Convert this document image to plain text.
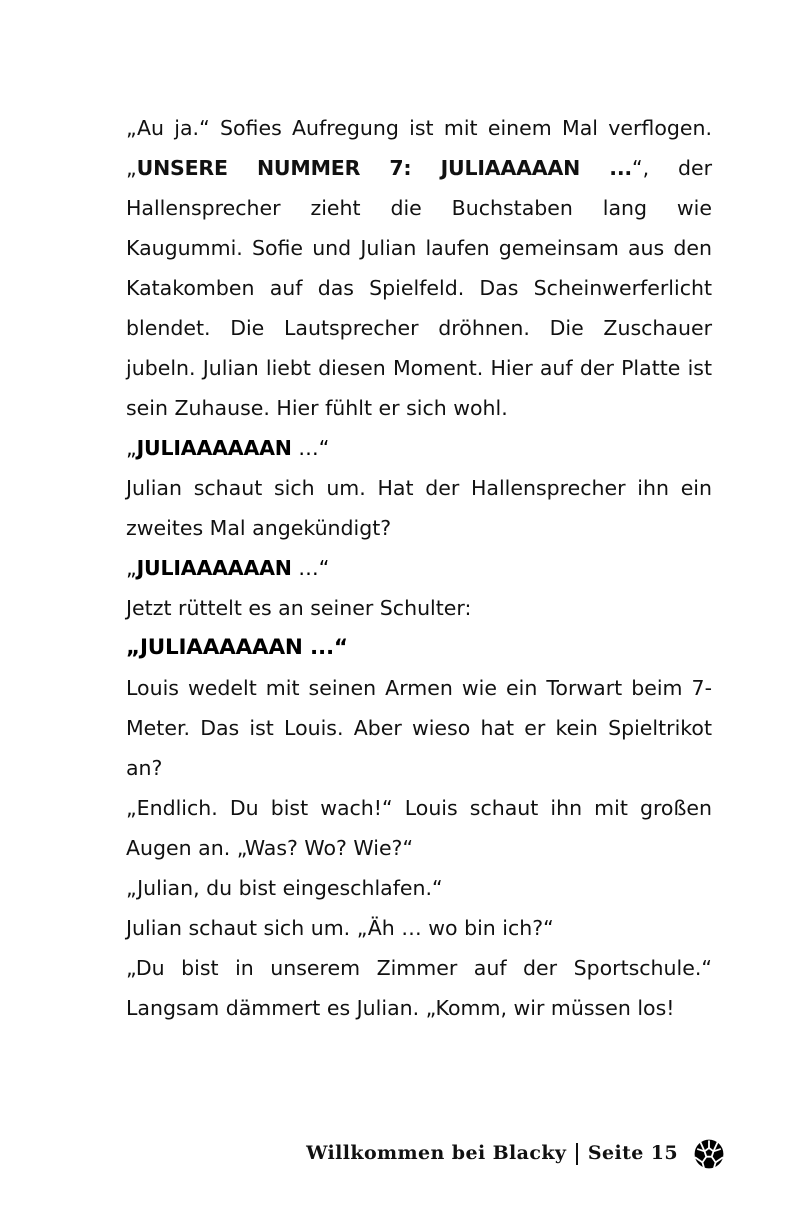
„Au ja.“ Sofies Aufregung ist mit einem Mal verflogen.

„UNSERE NUMMER 7: JULIAAAAAN ...“, der Hallensprecher zieht die Buchstaben lang wie Kaugummi. Sofie und Julian laufen gemeinsam aus den Katakomben auf das Spielfeld. Das Scheinwerferlicht blendet. Die Lautsprecher dröhnen. Die Zuschauer jubeln. Julian liebt diesen Moment. Hier auf der Platte ist sein Zuhause. Hier fühlt er sich wohl.

„JULIAAAAAAN …“

Julian schaut sich um. Hat der Hallensprecher ihn ein zweites Mal angekündigt?

„JULIAAAAAAN …“

Jetzt rüttelt es an seiner Schulter:

„JULIAAAAAAN ...“

Louis wedelt mit seinen Armen wie ein Torwart beim 7-Meter. Das ist Louis. Aber wieso hat er kein Spieltrikot an?

„Endlich. Du bist wach!“ Louis schaut ihn mit großen Augen an. „Was? Wo? Wie?“

„Julian, du bist eingeschlafen.“

Julian schaut sich um. „Äh … wo bin ich?“

„Du bist in unserem Zimmer auf der Sportschule.“

Langsam dämmert es Julian. „Komm, wir müssen los!

Willkommen bei Blacky Seite 15
